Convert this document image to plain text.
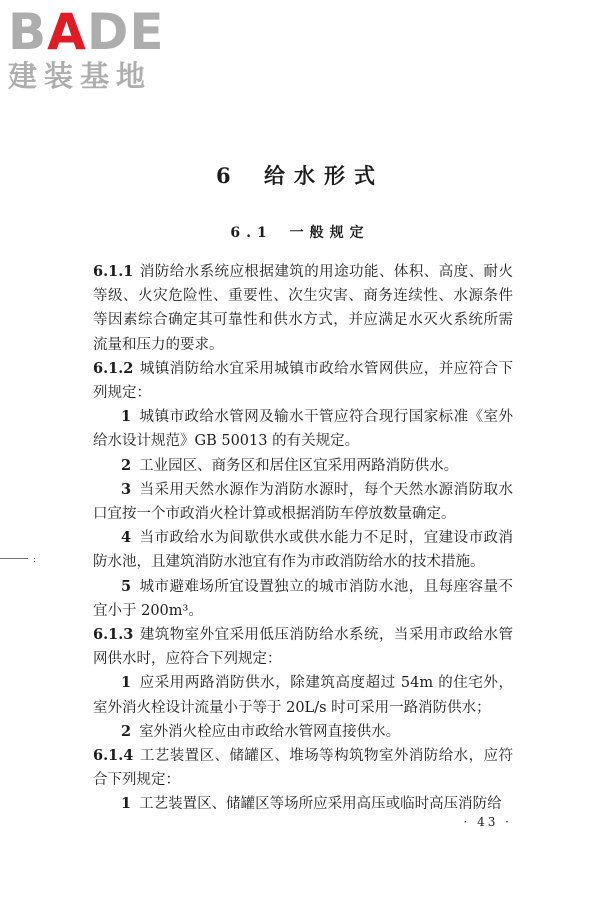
BADE
建装基地
6 给水形式
6.1 一般规定

6.1.1 消防给水系统应根据建筑的用途功能、体积、高度、耐火等级、火灾危险性、重要性、次生灾害、商务连续性、水源条件等因素综合确定其可靠性和供水方式，并应满足水灭火系统所需流量和压力的要求。

6.1.2 城镇消防给水宜采用城镇市政给水管网供应，并应符合下列规定：

1 城镇市政给水管网及输水干管应符合现行国家标准《室外给水设计规范》GB 50013 的有关规定。

2 工业园区、商务区和居住区宜采用两路消防供水。

3 当采用天然水源作为消防水源时，每个天然水源消防取水口宜按一个市政消火栓计算或根据消防车停放数量确定。

4 当市政给水为间歇供水或供水能力不足时，宜建设市政消防水池，且建筑消防水池宜有作为市政消防给水的技术措施。

5 城市避难场所宜设置独立的城市消防水池，且每座容量不宜小于 200m³。

6.1.3 建筑物室外宜采用低压消防给水系统，当采用市政给水管网供水时，应符合下列规定：

1 应采用两路消防供水，除建筑高度超过 54m 的住宅外，室外消火栓设计流量小于等于 20L/s 时可采用一路消防供水；

2 室外消火栓应由市政给水管网直接供水。

6.1.4 工艺装置区、储罐区、堆场等构筑物室外消防给水，应符合下列规定：

1 工艺装置区、储罐区等场所应采用高压或临时高压消防给

:
· 43 ·
